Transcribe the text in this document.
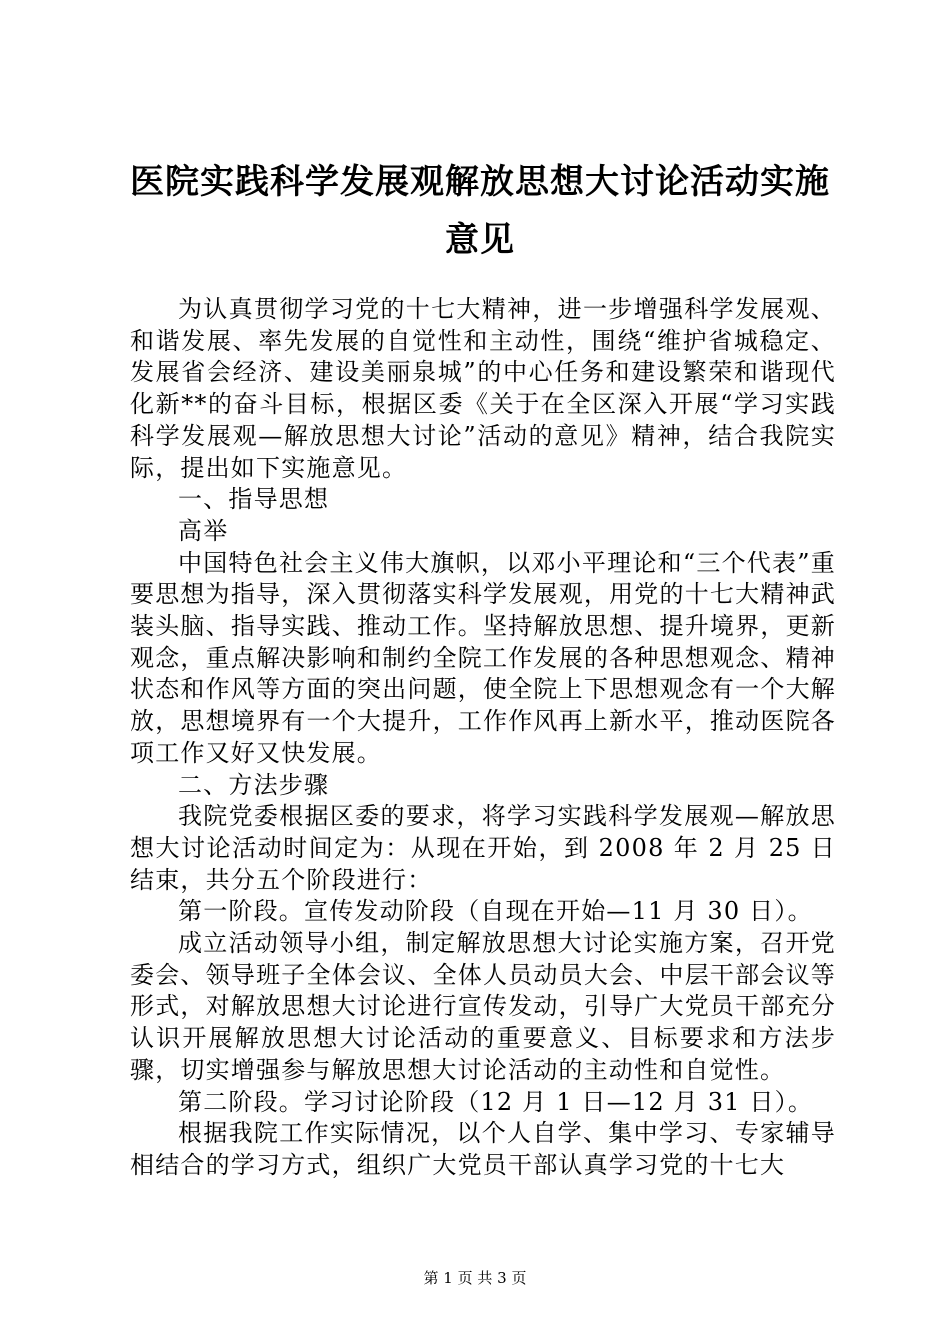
医院实践科学发展观解放思想大讨论活动实施
意见

为认真贯彻学习党的十七大精神，进一步增强科学发展观、和谐发展、率先发展的自觉性和主动性，围绕“维护省城稳定、发展省会经济、建设美丽泉城”的中心任务和建设繁荣和谐现代化新**的奋斗目标，根据区委《关于在全区深入开展“学习实践科学发展观—解放思想大讨论”活动的意见》精神，结合我院实际，提出如下实施意见。

一、指导思想

高举

中国特色社会主义伟大旗帜，以邓小平理论和“三个代表”重要思想为指导，深入贯彻落实科学发展观，用党的十七大精神武装头脑、指导实践、推动工作。坚持解放思想、提升境界，更新观念，重点解决影响和制约全院工作发展的各种思想观念、精神状态和作风等方面的突出问题，使全院上下思想观念有一个大解放，思想境界有一个大提升，工作作风再上新水平，推动医院各项工作又好又快发展。

二、方法步骤

我院党委根据区委的要求，将学习实践科学发展观—解放思想大讨论活动时间定为：从现在开始，到 2008 年 2 月 25 日结束，共分五个阶段进行：

第一阶段。宣传发动阶段（自现在开始—11 月 30 日）。

成立活动领导小组，制定解放思想大讨论实施方案，召开党委会、领导班子全体会议、全体人员动员大会、中层干部会议等形式，对解放思想大讨论进行宣传发动，引导广大党员干部充分认识开展解放思想大讨论活动的重要意义、目标要求和方法步骤，切实增强参与解放思想大讨论活动的主动性和自觉性。

第二阶段。学习讨论阶段（12 月 1 日—12 月 31 日）。

根据我院工作实际情况，以个人自学、集中学习、专家辅导相结合的学习方式，组织广大党员干部认真学习党的十七大

第 1 页 共 3 页
